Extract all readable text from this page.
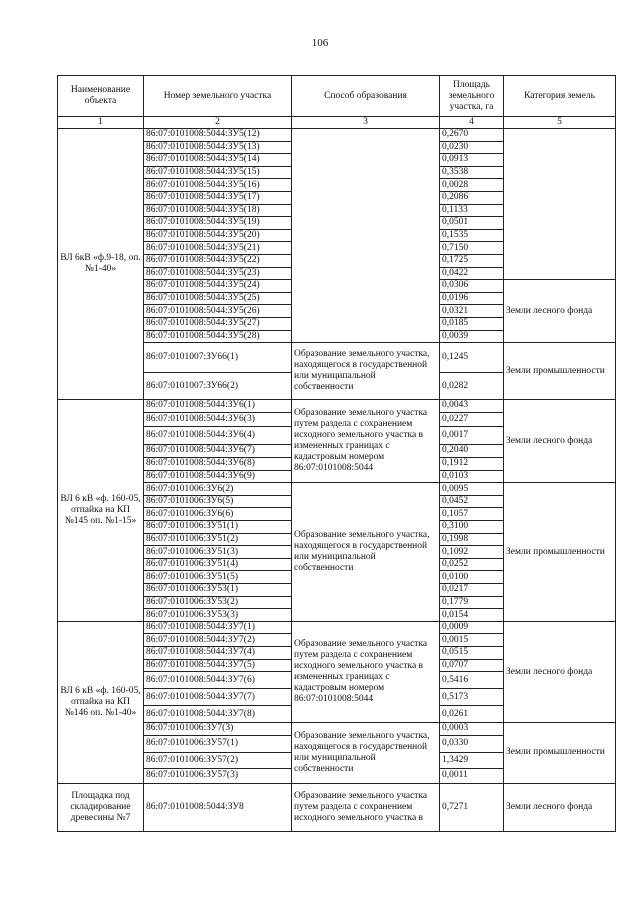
106
Наименование объекта	Номер земельного участка	Способ образования	Площадь земельного участка, га	Категория земель
1	2	3	4	5
ВЛ 6кВ «ф.9-18, оп. №1-40»	86:07:0101008:5044:ЗУ5(12)		0,2670	
	86:07:0101008:5044:ЗУ5(13)		0,0230	
	86:07:0101008:5044:ЗУ5(14)		0,0913	
	86:07:0101008:5044:ЗУ5(15)		0,3538	
	86:07:0101008:5044:ЗУ5(16)		0,0028	
	86:07:0101008:5044:ЗУ5(17)		0,2086	
	86:07:0101008:5044:ЗУ5(18)		0,1133	
	86:07:0101008:5044:ЗУ5(19)		0,0501	
	86:07:0101008:5044:ЗУ5(20)		0,1535	
	86:07:0101008:5044:ЗУ5(21)		0,7150	
	86:07:0101008:5044:ЗУ5(22)		0,1725	
	86:07:0101008:5044:ЗУ5(23)		0,0422	
	86:07:0101008:5044:ЗУ5(24)		0,0306	Земли лесного фонда
	86:07:0101008:5044:ЗУ5(25)		0,0196	
	86:07:0101008:5044:ЗУ5(26)		0,0321	
	86:07:0101008:5044:ЗУ5(27)		0,0185	
	86:07:0101008:5044:ЗУ5(28)		0,0039	
	86:07:0101007:ЗУ66(1)	Образование земельного участка, находящегося в государственной или муниципальной собственности	0,1245	Земли промышленности
	86:07:0101007:ЗУ66(2)		0,0282	
ВЛ 6 кВ «ф. 160-05, отпайка на КП №145 оп. №1-15»	86:07:0101008:5044:ЗУ6(1)	Образование земельного участка путем раздела с сохранением исходного земельного участка в измененных границах с кадастровым номером 86:07:0101008:5044	0,0043	Земли лесного фонда
	86:07:0101008:5044:ЗУ6(3)		0,0227	
	86:07:0101008:5044:ЗУ6(4)		0,0017	
	86:07:0101008:5044:ЗУ6(7)		0,2040	
	86:07:0101008:5044:ЗУ6(8)		0,1912	
	86:07:0101008:5044:ЗУ6(9)		0,0103	
	86:07:0101006:ЗУ6(2)	Образование земельного участка, находящегося в государственной или муниципальной собственности	0,0095	Земли промышленности
	86:07:0101006:ЗУ6(5)		0,0452	
	86:07:0101006:ЗУ6(6)		0,1057	
	86:07:0101006:ЗУ51(1)		0,3100	
	86:07:0101006:ЗУ51(2)		0,1998	
	86:07:0101006:ЗУ51(3)		0,1092	
	86:07:0101006:ЗУ51(4)		0,0252	
	86:07:0101006:ЗУ51(5)		0,0100	
	86:07:0101006:ЗУ53(1)		0,0217	
	86:07:0101006:ЗУ53(2)		0,1779	
	86:07:0101006:ЗУ53(3)		0,0154	
ВЛ 6 кВ «ф. 160-05, отпайка на КП №146 оп. №1-40»	86:07:0101008:5044:ЗУ7(1)	Образование земельного участка путем раздела с сохранением исходного земельного участка в измененных границах с кадастровым номером 86:07:0101008:5044	0,0009	Земли лесного фонда
	86:07:0101008:5044:ЗУ7(2)		0,0015	
	86:07:0101008:5044:ЗУ7(4)		0,0515	
	86:07:0101008:5044:ЗУ7(5)		0,0707	
	86:07:0101008:5044:ЗУ7(6)		0,5416	
	86:07:0101008:5044:ЗУ7(7)		0,5173	
	86:07:0101008:5044:ЗУ7(8)		0,0261	
	86:07:0101006:ЗУ7(3)	Образование земельного участка, находящегося в государственной или муниципальной собственности	0,0003	Земли промышленности
	86:07:0101006:ЗУ57(1)		0,0330	
	86:07:0101006:ЗУ57(2)		1,3429	
	86:07:0101006:ЗУ57(3)		0,0011	
Площадка под складирование древесины №7	86:07:0101008:5044:ЗУ8	Образование земельного участка путем раздела с сохранением исходного земельного участка в	0,7271	Земли лесного фонда
